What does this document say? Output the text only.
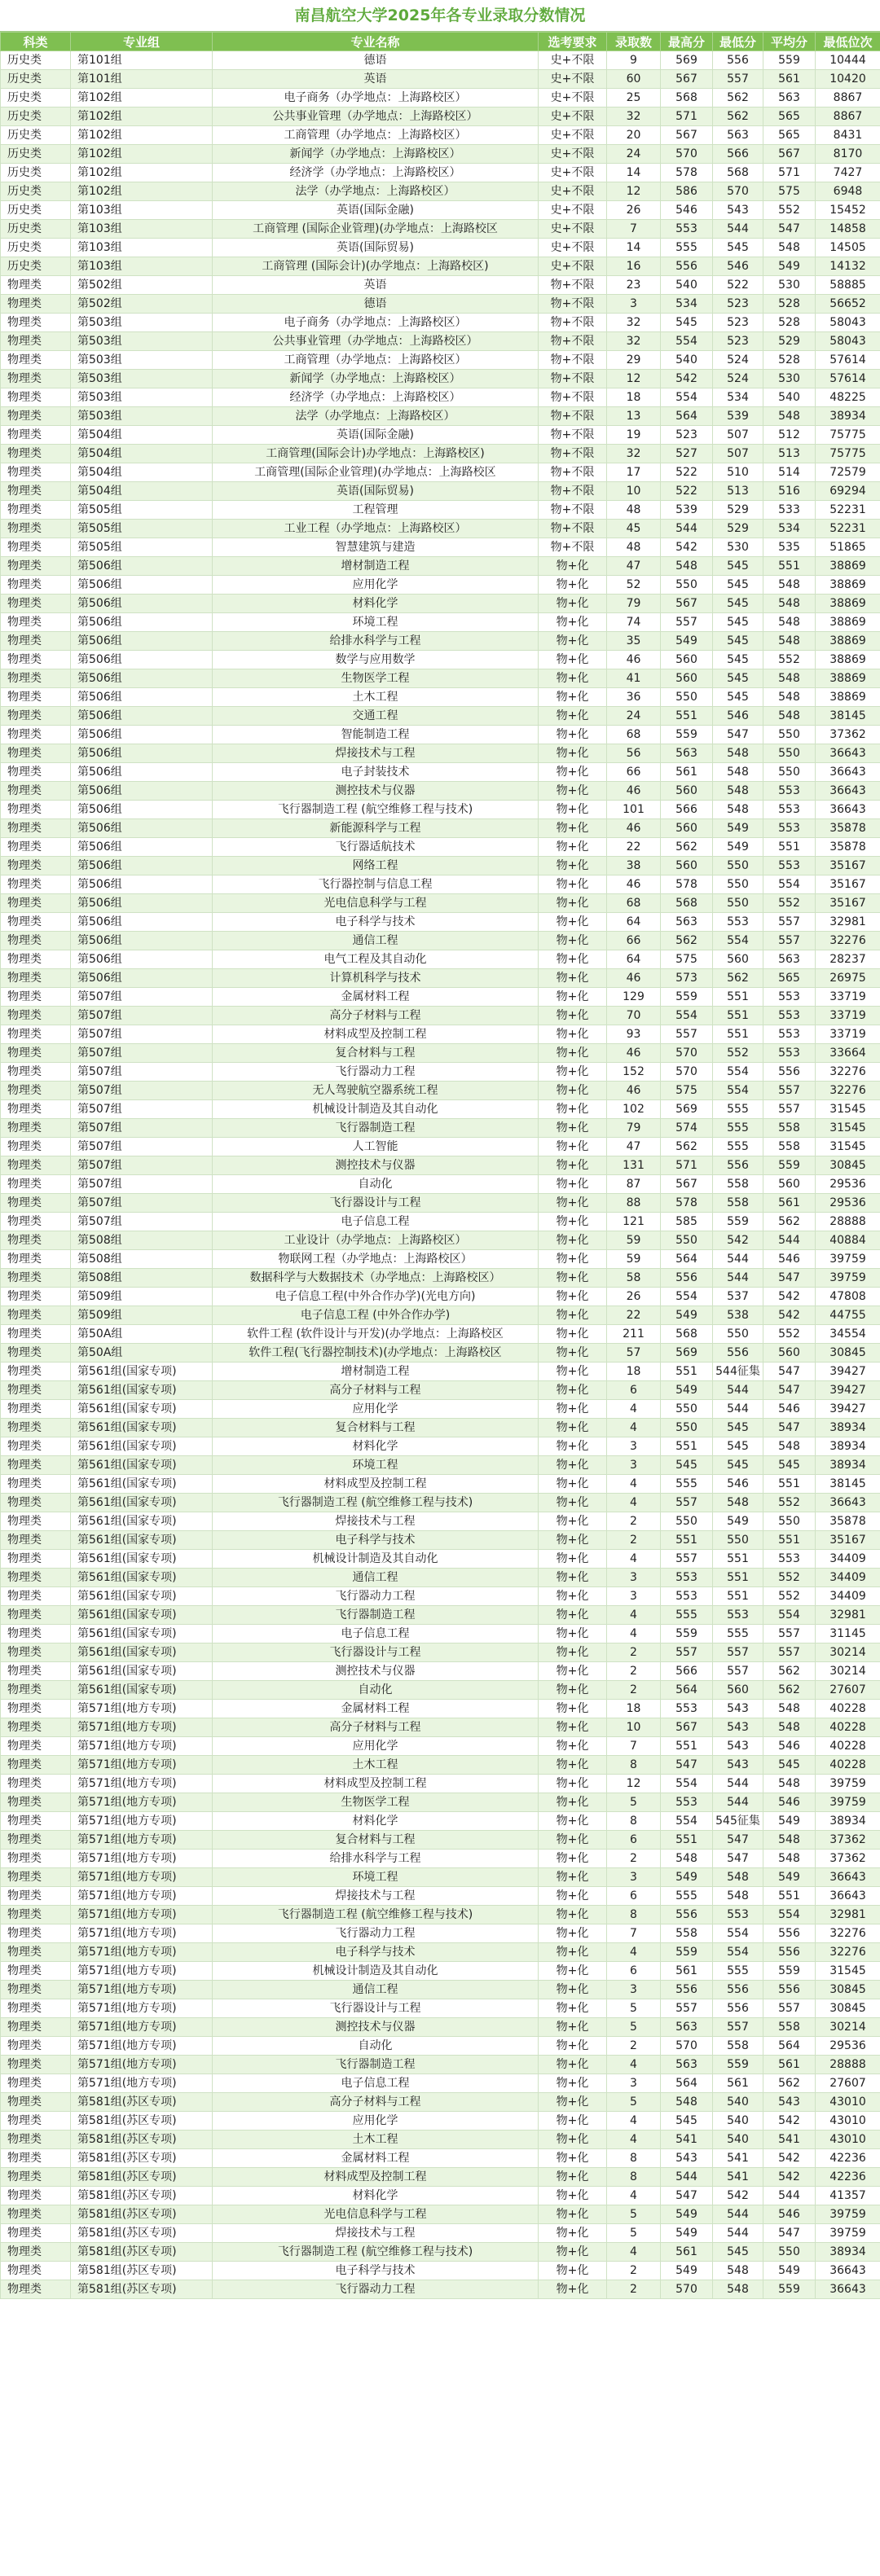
南昌航空大学2025年各专业录取分数情况
科类	专业组	专业名称	选考要求	录取数	最高分	最低分	平均分	最低位次
历史类	第101组	德语	史+不限	9	569	556	559	10444
历史类	第101组	英语	史+不限	60	567	557	561	10420
历史类	第102组	电子商务（办学地点：上海路校区）	史+不限	25	568	562	563	8867
历史类	第102组	公共事业管理（办学地点：上海路校区）	史+不限	32	571	562	565	8867
历史类	第102组	工商管理（办学地点：上海路校区）	史+不限	20	567	563	565	8431
历史类	第102组	新闻学（办学地点：上海路校区）	史+不限	24	570	566	567	8170
历史类	第102组	经济学（办学地点：上海路校区）	史+不限	14	578	568	571	7427
历史类	第102组	法学（办学地点：上海路校区）	史+不限	12	586	570	575	6948
历史类	第103组	英语(国际金融)	史+不限	26	546	543	552	15452
历史类	第103组	工商管理 (国际企业管理)(办学地点：上海路校区	史+不限	7	553	544	547	14858
历史类	第103组	英语(国际贸易)	史+不限	14	555	545	548	14505
历史类	第103组	工商管理 (国际会计)(办学地点：上海路校区)	史+不限	16	556	546	549	14132
物理类	第502组	英语	物+不限	23	540	522	530	58885
物理类	第502组	德语	物+不限	3	534	523	528	56652
物理类	第503组	电子商务（办学地点：上海路校区）	物+不限	32	545	523	528	58043
物理类	第503组	公共事业管理（办学地点：上海路校区）	物+不限	32	554	523	529	58043
物理类	第503组	工商管理（办学地点：上海路校区）	物+不限	29	540	524	528	57614
物理类	第503组	新闻学（办学地点：上海路校区）	物+不限	12	542	524	530	57614
物理类	第503组	经济学（办学地点：上海路校区）	物+不限	18	554	534	540	48225
物理类	第503组	法学（办学地点：上海路校区）	物+不限	13	564	539	548	38934
物理类	第504组	英语(国际金融)	物+不限	19	523	507	512	75775
物理类	第504组	工商管理(国际会计)办学地点：上海路校区)	物+不限	32	527	507	513	75775
物理类	第504组	工商管理(国际企业管理)(办学地点：上海路校区	物+不限	17	522	510	514	72579
物理类	第504组	英语(国际贸易)	物+不限	10	522	513	516	69294
物理类	第505组	工程管理	物+不限	48	539	529	533	52231
物理类	第505组	工业工程（办学地点：上海路校区）	物+不限	45	544	529	534	52231
物理类	第505组	智慧建筑与建造	物+不限	48	542	530	535	51865
物理类	第506组	增材制造工程	物+化	47	548	545	551	38869
物理类	第506组	应用化学	物+化	52	550	545	548	38869
物理类	第506组	材料化学	物+化	79	567	545	548	38869
物理类	第506组	环境工程	物+化	74	557	545	548	38869
物理类	第506组	给排水科学与工程	物+化	35	549	545	548	38869
物理类	第506组	数学与应用数学	物+化	46	560	545	552	38869
物理类	第506组	生物医学工程	物+化	41	560	545	548	38869
物理类	第506组	土木工程	物+化	36	550	545	548	38869
物理类	第506组	交通工程	物+化	24	551	546	548	38145
物理类	第506组	智能制造工程	物+化	68	559	547	550	37362
物理类	第506组	焊接技术与工程	物+化	56	563	548	550	36643
物理类	第506组	电子封装技术	物+化	66	561	548	550	36643
物理类	第506组	测控技术与仪器	物+化	46	560	548	553	36643
物理类	第506组	飞行器制造工程 (航空维修工程与技术)	物+化	101	566	548	553	36643
物理类	第506组	新能源科学与工程	物+化	46	560	549	553	35878
物理类	第506组	飞行器适航技术	物+化	22	562	549	551	35878
物理类	第506组	网络工程	物+化	38	560	550	553	35167
物理类	第506组	飞行器控制与信息工程	物+化	46	578	550	554	35167
物理类	第506组	光电信息科学与工程	物+化	68	568	550	552	35167
物理类	第506组	电子科学与技术	物+化	64	563	553	557	32981
物理类	第506组	通信工程	物+化	66	562	554	557	32276
物理类	第506组	电气工程及其自动化	物+化	64	575	560	563	28237
物理类	第506组	计算机科学与技术	物+化	46	573	562	565	26975
物理类	第507组	金属材料工程	物+化	129	559	551	553	33719
物理类	第507组	高分子材料与工程	物+化	70	554	551	553	33719
物理类	第507组	材料成型及控制工程	物+化	93	557	551	553	33719
物理类	第507组	复合材料与工程	物+化	46	570	552	553	33664
物理类	第507组	飞行器动力工程	物+化	152	570	554	556	32276
物理类	第507组	无人驾驶航空器系统工程	物+化	46	575	554	557	32276
物理类	第507组	机械设计制造及其自动化	物+化	102	569	555	557	31545
物理类	第507组	飞行器制造工程	物+化	79	574	555	558	31545
物理类	第507组	人工智能	物+化	47	562	555	558	31545
物理类	第507组	测控技术与仪器	物+化	131	571	556	559	30845
物理类	第507组	自动化	物+化	87	567	558	560	29536
物理类	第507组	飞行器设计与工程	物+化	88	578	558	561	29536
物理类	第507组	电子信息工程	物+化	121	585	559	562	28888
物理类	第508组	工业设计（办学地点：上海路校区）	物+化	59	550	542	544	40884
物理类	第508组	物联网工程（办学地点：上海路校区）	物+化	59	564	544	546	39759
物理类	第508组	数据科学与大数据技术（办学地点：上海路校区）	物+化	58	556	544	547	39759
物理类	第509组	电子信息工程(中外合作办学)(光电方向)	物+化	26	554	537	542	47808
物理类	第509组	电子信息工程 (中外合作办学)	物+化	22	549	538	542	44755
物理类	第50A组	软件工程 (软件设计与开发)(办学地点：上海路校区	物+化	211	568	550	552	34554
物理类	第50A组	软件工程(飞行器控制技术)(办学地点：上海路校区	物+化	57	569	556	560	30845
物理类	第561组(国家专项)	增材制造工程	物+化	18	551	544征集	547	39427
物理类	第561组(国家专项)	高分子材料与工程	物+化	6	549	544	547	39427
物理类	第561组(国家专项)	应用化学	物+化	4	550	544	546	39427
物理类	第561组(国家专项)	复合材料与工程	物+化	4	550	545	547	38934
物理类	第561组(国家专项)	材料化学	物+化	3	551	545	548	38934
物理类	第561组(国家专项)	环境工程	物+化	3	545	545	545	38934
物理类	第561组(国家专项)	材料成型及控制工程	物+化	4	555	546	551	38145
物理类	第561组(国家专项)	飞行器制造工程 (航空维修工程与技术)	物+化	4	557	548	552	36643
物理类	第561组(国家专项)	焊接技术与工程	物+化	2	550	549	550	35878
物理类	第561组(国家专项)	电子科学与技术	物+化	2	551	550	551	35167
物理类	第561组(国家专项)	机械设计制造及其自动化	物+化	4	557	551	553	34409
物理类	第561组(国家专项)	通信工程	物+化	3	553	551	552	34409
物理类	第561组(国家专项)	飞行器动力工程	物+化	3	553	551	552	34409
物理类	第561组(国家专项)	飞行器制造工程	物+化	4	555	553	554	32981
物理类	第561组(国家专项)	电子信息工程	物+化	4	559	555	557	31145
物理类	第561组(国家专项)	飞行器设计与工程	物+化	2	557	557	557	30214
物理类	第561组(国家专项)	测控技术与仪器	物+化	2	566	557	562	30214
物理类	第561组(国家专项)	自动化	物+化	2	564	560	562	27607
物理类	第571组(地方专项)	金属材料工程	物+化	18	553	543	548	40228
物理类	第571组(地方专项)	高分子材料与工程	物+化	10	567	543	548	40228
物理类	第571组(地方专项)	应用化学	物+化	7	551	543	546	40228
物理类	第571组(地方专项)	土木工程	物+化	8	547	543	545	40228
物理类	第571组(地方专项)	材料成型及控制工程	物+化	12	554	544	548	39759
物理类	第571组(地方专项)	生物医学工程	物+化	5	553	544	546	39759
物理类	第571组(地方专项)	材料化学	物+化	8	554	545征集	549	38934
物理类	第571组(地方专项)	复合材料与工程	物+化	6	551	547	548	37362
物理类	第571组(地方专项)	给排水科学与工程	物+化	2	548	547	548	37362
物理类	第571组(地方专项)	环境工程	物+化	3	549	548	549	36643
物理类	第571组(地方专项)	焊接技术与工程	物+化	6	555	548	551	36643
物理类	第571组(地方专项)	飞行器制造工程 (航空维修工程与技术)	物+化	8	556	553	554	32981
物理类	第571组(地方专项)	飞行器动力工程	物+化	7	558	554	556	32276
物理类	第571组(地方专项)	电子科学与技术	物+化	4	559	554	556	32276
物理类	第571组(地方专项)	机械设计制造及其自动化	物+化	6	561	555	559	31545
物理类	第571组(地方专项)	通信工程	物+化	3	556	556	556	30845
物理类	第571组(地方专项)	飞行器设计与工程	物+化	5	557	556	557	30845
物理类	第571组(地方专项)	测控技术与仪器	物+化	5	563	557	558	30214
物理类	第571组(地方专项)	自动化	物+化	2	570	558	564	29536
物理类	第571组(地方专项)	飞行器制造工程	物+化	4	563	559	561	28888
物理类	第571组(地方专项)	电子信息工程	物+化	3	564	561	562	27607
物理类	第581组(苏区专项)	高分子材料与工程	物+化	5	548	540	543	43010
物理类	第581组(苏区专项)	应用化学	物+化	4	545	540	542	43010
物理类	第581组(苏区专项)	土木工程	物+化	4	541	540	541	43010
物理类	第581组(苏区专项)	金属材料工程	物+化	8	543	541	542	42236
物理类	第581组(苏区专项)	材料成型及控制工程	物+化	8	544	541	542	42236
物理类	第581组(苏区专项)	材料化学	物+化	4	547	542	544	41357
物理类	第581组(苏区专项)	光电信息科学与工程	物+化	5	549	544	546	39759
物理类	第581组(苏区专项)	焊接技术与工程	物+化	5	549	544	547	39759
物理类	第581组(苏区专项)	飞行器制造工程 (航空维修工程与技术)	物+化	4	561	545	550	38934
物理类	第581组(苏区专项)	电子科学与技术	物+化	2	549	548	549	36643
物理类	第581组(苏区专项)	飞行器动力工程	物+化	2	570	548	559	36643
